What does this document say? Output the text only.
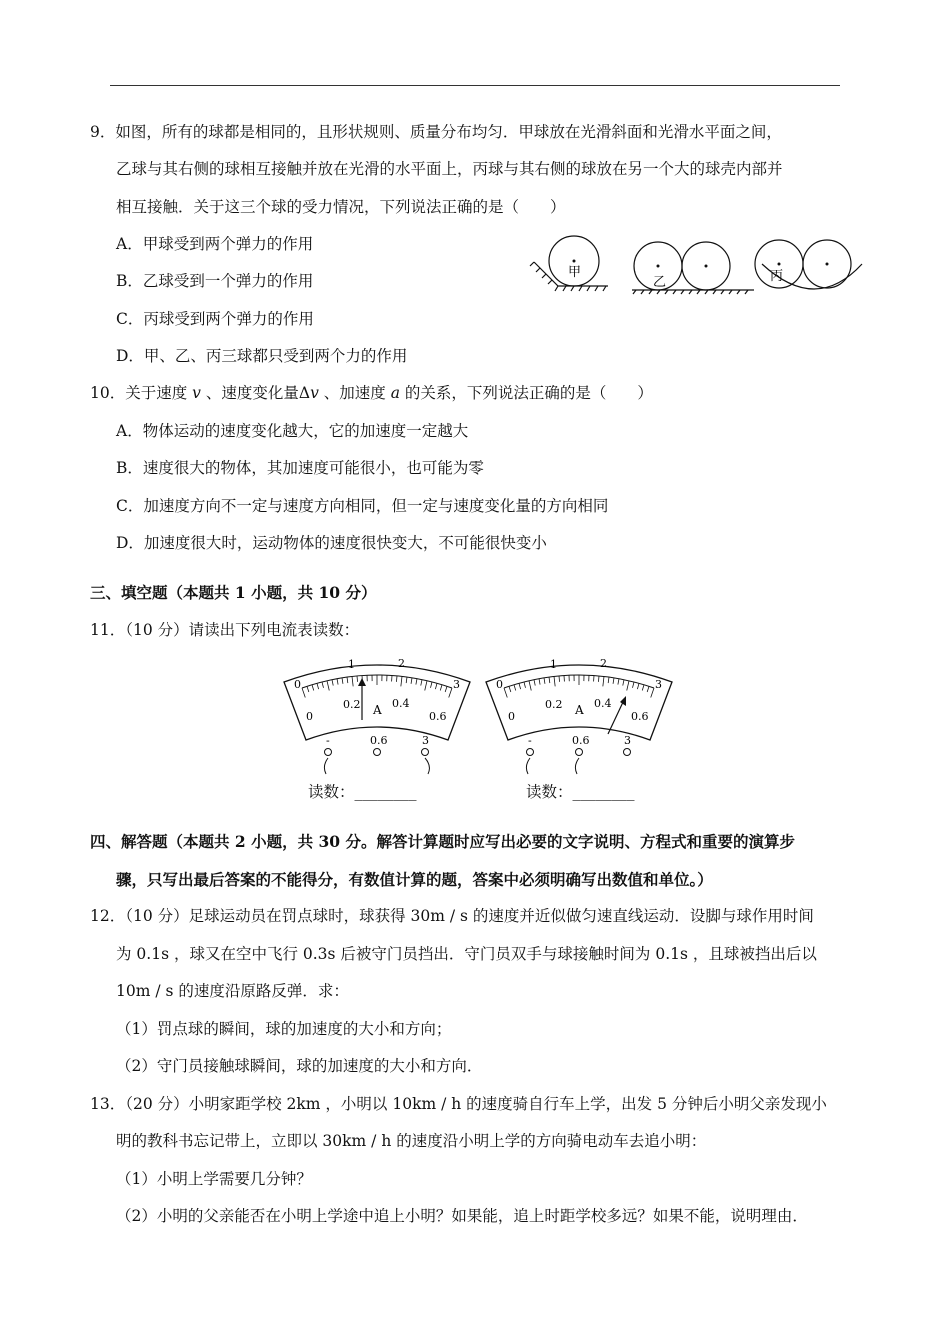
9．如图，所有的球都是相同的，且形状规则、质量分布均匀．甲球放在光滑斜面和光滑水平面之间，
乙球与其右侧的球相互接触并放在光滑的水平面上，丙球与其右侧的球放在另一个大的球壳内部并
相互接触．关于这三个球的受力情况，下列说法正确的是（　　）
A．甲球受到两个弹力的作用
B．乙球受到一个弹力的作用
C．丙球受到两个弹力的作用
D．甲、乙、丙三球都只受到两个力的作用
甲
乙	丙
10．关于速度 v 、速度变化量Δv 、加速度 a 的关系，下列说法正确的是（　　）
A．物体运动的速度变化越大，它的加速度一定越大
B．速度很大的物体，其加速度可能很小，也可能为零
C．加速度方向不一定与速度方向相同，但一定与速度变化量的方向相同
D．加速度很大时，运动物体的速度很快变大，不可能很快变小
三、填空题（本题共 1 小题，共 10 分）
11．（10 分）请读出下列电流表读数：
0
1	2
3
0
0.2	0.4
0.6
A
-	0.6	3
读数：________
0
1	2
3
0
0.2	0.4
0.6
A
-	0.6	3
读数：________
四、解答题（本题共 2 小题，共 30 分。解答计算题时应写出必要的文字说明、方程式和重要的演算步
骤，只写出最后答案的不能得分，有数值计算的题，答案中必须明确写出数值和单位。）
12．（10 分）足球运动员在罚点球时，球获得 30m / s 的速度并近似做匀速直线运动．设脚与球作用时间
为 0.1s ，球又在空中飞行 0.3s 后被守门员挡出．守门员双手与球接触时间为 0.1s ，且球被挡出后以
10m / s 的速度沿原路反弹．求：
（1）罚点球的瞬间，球的加速度的大小和方向；
（2）守门员接触球瞬间，球的加速度的大小和方向．
13．（20 分）小明家距学校 2km ，小明以 10km / h 的速度骑自行车上学，出发 5 分钟后小明父亲发现小
明的教科书忘记带上，立即以 30km / h 的速度沿小明上学的方向骑电动车去追小明：
（1）小明上学需要几分钟？
（2）小明的父亲能否在小明上学途中追上小明？如果能，追上时距学校多远？如果不能，说明理由．
